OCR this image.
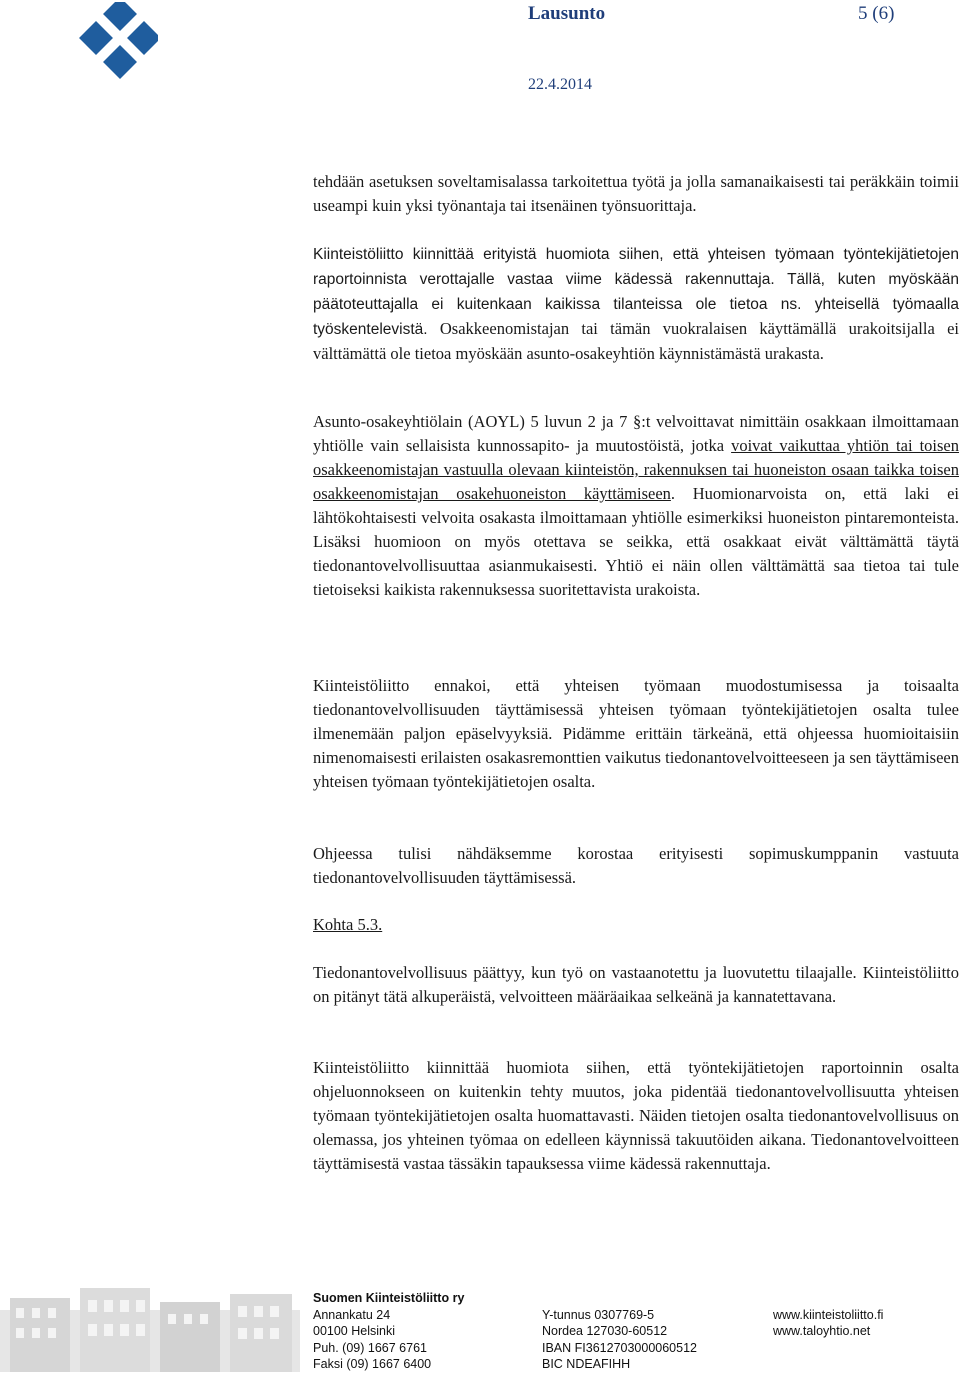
Lausunto	5 (6)
22.4.2014

tehdään asetuksen soveltamisalassa tarkoitettua työtä ja jolla samanaikaisesti tai peräkkäin toimii useampi kuin yksi työnantaja tai itsenäinen työnsuorittaja.

Kiinteistöliitto kiinnittää erityistä huomiota siihen, että yhteisen työmaan työntekijätietojen raportoinnista verottajalle vastaa viime kädessä rakennuttaja. Tällä, kuten myöskään päätoteuttajalla ei kuitenkaan kaikissa tilanteissa ole tietoa ns. yhteisellä työmaalla työskentelevistä. Osakkeenomistajan tai tämän vuokralaisen käyttämällä urakoitsijalla ei välttämättä ole tietoa myöskään asunto-osakeyhtiön käynnistämästä urakasta.

Asunto-osakeyhtiölain (AOYL) 5 luvun 2 ja 7 §:t velvoittavat nimittäin osakkaan ilmoittamaan yhtiölle vain sellaisista kunnossapito- ja muutostöistä, jotka voivat vaikuttaa yhtiön tai toisen osakkeenomistajan vastuulla olevaan kiinteistön, rakennuksen tai huoneiston osaan taikka toisen osakkeenomistajan osakehuoneiston käyttämiseen. Huomionarvoista on, että laki ei lähtökohtaisesti velvoita osakasta ilmoittamaan yhtiölle esimerkiksi huoneiston pintaremonteista. Lisäksi huomioon on myös otettava se seikka, että osakkaat eivät välttämättä täytä tiedonantovelvollisuuttaa asianmukaisesti. Yhtiö ei näin ollen välttämättä saa tietoa tai tule tietoiseksi kaikista rakennuksessa suoritettavista urakoista.

Kiinteistöliitto ennakoi, että yhteisen työmaan muodostumisessa ja toisaalta tiedonantovelvollisuuden täyttämisessä yhteisen työmaan työntekijätietojen osalta tulee ilmenemään paljon epäselvyyksiä. Pidämme erittäin tärkeänä, että ohjeessa huomioitaisiin nimenomaisesti erilaisten osakasremonttien vaikutus tiedonantovelvoitteeseen ja sen täyttämiseen yhteisen työmaan työntekijätietojen osalta.

Ohjeessa tulisi nähdäksemme korostaa erityisesti sopimuskumppanin vastuuta tiedonantovelvollisuuden täyttämisessä.

Kohta 5.3.

Tiedonantovelvollisuus päättyy, kun työ on vastaanotettu ja luovutettu tilaajalle. Kiinteistöliitto on pitänyt tätä alkuperäistä, velvoitteen määräaikaa selkeänä ja kannatettavana.

Kiinteistöliitto kiinnittää huomiota siihen, että työntekijätietojen raportoinnin osalta ohjeluonnokseen on kuitenkin tehty muutos, joka pidentää tiedonantovelvollisuutta yhteisen työmaan työntekijätietojen osalta huomattavasti. Näiden tietojen osalta tiedonantovelvollisuus on olemassa, jos yhteinen työmaa on edelleen käynnissä takuutöiden aikana. Tiedonantovelvoitteen täyttämisestä vastaa tässäkin tapauksessa viime kädessä rakennuttaja.

Suomen Kiinteistöliitto ry
Annankatu 24
00100 Helsinki
Puh. (09) 1667 6761
Faksi (09) 1667 6400
Y-tunnus 0307769-5
Nordea 127030-60512
IBAN FI3612703000060512
BIC NDEAFIHH
www.kiinteistoliitto.fi
www.taloyhtio.net
